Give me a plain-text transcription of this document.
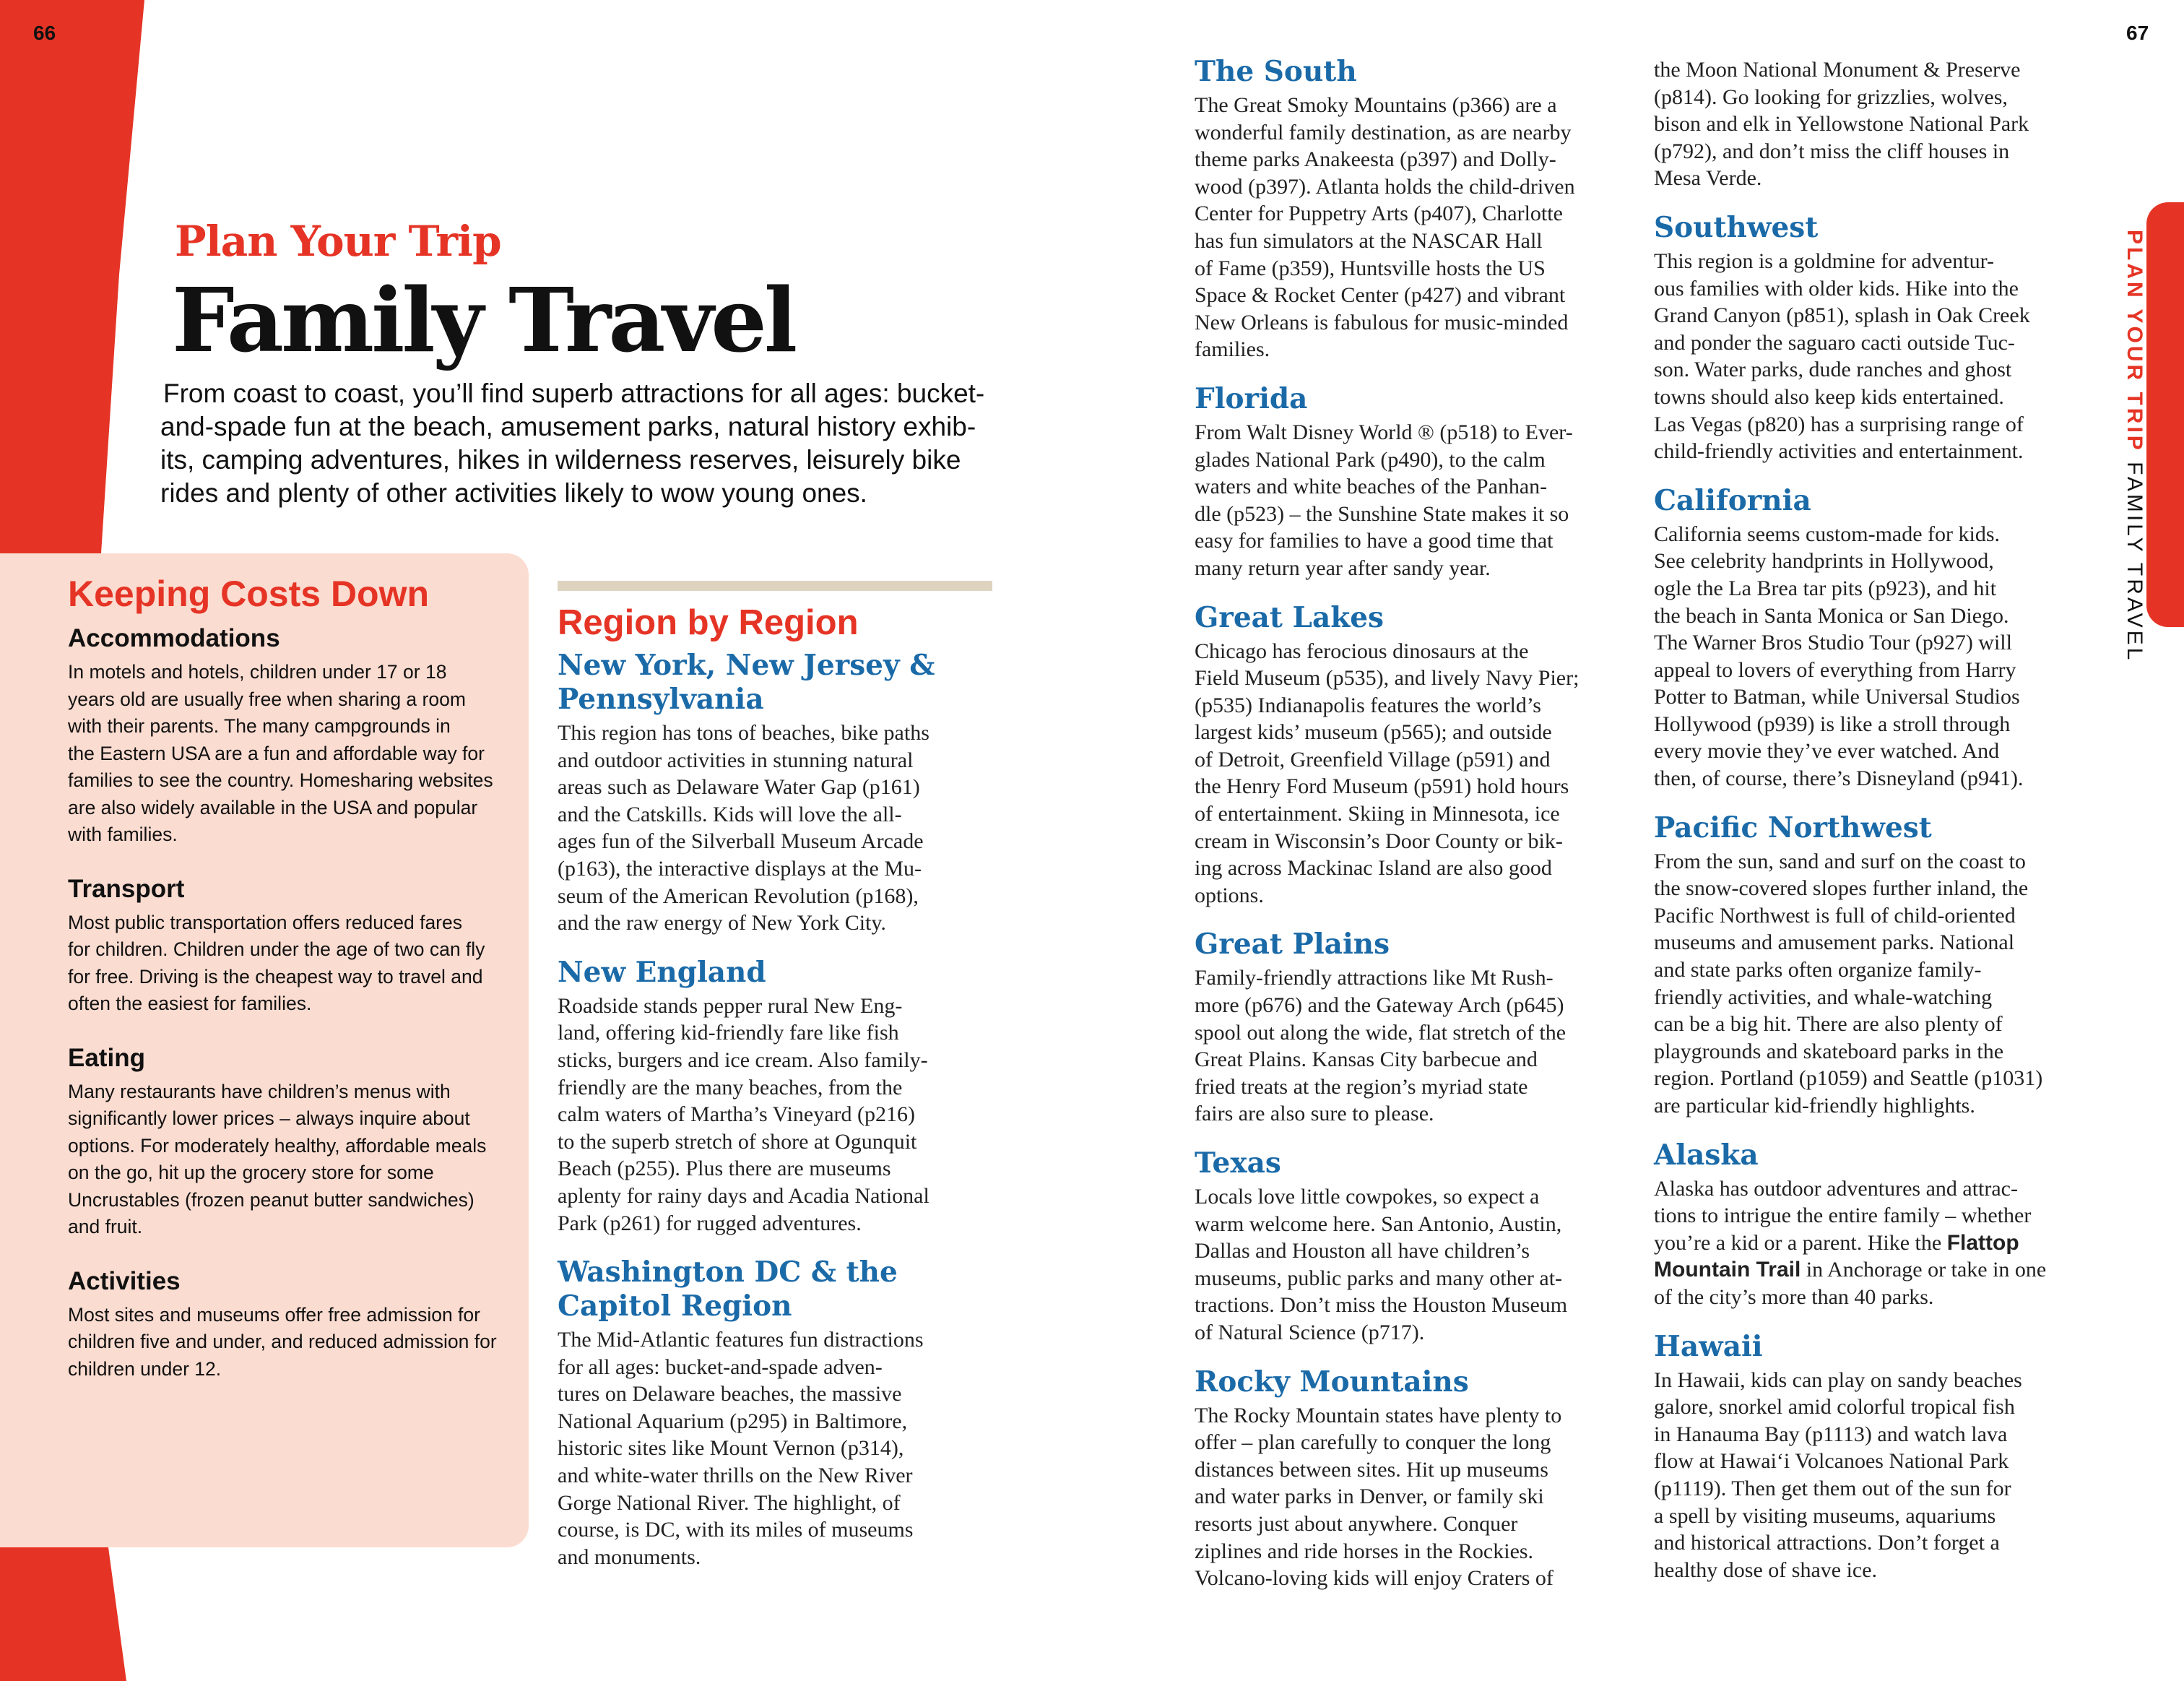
66	67
Plan Your Trip
Family Travel
From coast to coast, you’ll find superb attractions for all ages: bucket-
and-spade fun at the beach, amusement parks, natural history exhib-
its, camping adventures, hikes in wilderness reserves, leisurely bike
rides and plenty of other activities likely to wow young ones.
Keeping Costs Down
Accommodations
In motels and hotels, children under 17 or 18
years old are usually free when sharing a room
with their parents. The many campgrounds in
the Eastern USA are a fun and affordable way for
families to see the country. Homesharing websites
are also widely available in the USA and popular
with families.
Transport
Most public transportation offers reduced fares
for children. Children under the age of two can fly
for free. Driving is the cheapest way to travel and
often the easiest for families.
Eating
Many restaurants have children’s menus with
significantly lower prices – always inquire about
options. For moderately healthy, affordable meals
on the go, hit up the grocery store for some
Uncrustables (frozen peanut butter sandwiches)
and fruit.
Activities
Most sites and museums offer free admission for
children five and under, and reduced admission for
children under 12.
Region by Region
New York, New Jersey &
Pennsylvania
This region has tons of beaches, bike paths
and outdoor activities in stunning natural
areas such as Delaware Water Gap (p161)
and the Catskills. Kids will love the all-
ages fun of the Silverball Museum Arcade
(p163), the interactive displays at the Mu-
seum of the American Revolution (p168),
and the raw energy of New York City.
New England
Roadside stands pepper rural New Eng-
land, offering kid-friendly fare like fish
sticks, burgers and ice cream. Also family-
friendly are the many beaches, from the
calm waters of Martha’s Vineyard (p216)
to the superb stretch of shore at Ogunquit
Beach (p255). Plus there are museums
aplenty for rainy days and Acadia National
Park (p261) for rugged adventures.
Washington DC & the
Capitol Region
The Mid-Atlantic features fun distractions
for all ages: bucket-and-spade adven-
tures on Delaware beaches, the massive
National Aquarium (p295) in Baltimore,
historic sites like Mount Vernon (p314),
and white-water thrills on the New River
Gorge National River. The highlight, of
course, is DC, with its miles of museums
and monuments.
The South
The Great Smoky Mountains (p366) are a
wonderful family destination, as are nearby
theme parks Anakeesta (p397) and Dolly-
wood (p397). Atlanta holds the child-driven
Center for Puppetry Arts (p407), Charlotte
has fun simulators at the NASCAR Hall
of Fame (p359), Huntsville hosts the US
Space & Rocket Center (p427) and vibrant
New Orleans is fabulous for music-minded
families.
Florida
From Walt Disney World ® (p518) to Ever-
glades National Park (p490), to the calm
waters and white beaches of the Panhan-
dle (p523) – the Sunshine State makes it so
easy for families to have a good time that
many return year after sandy year.
Great Lakes
Chicago has ferocious dinosaurs at the
Field Museum (p535), and lively Navy Pier;
(p535) Indianapolis features the world’s
largest kids’ museum (p565); and outside
of Detroit, Greenfield Village (p591) and
the Henry Ford Museum (p591) hold hours
of entertainment. Skiing in Minnesota, ice
cream in Wisconsin’s Door County or bik-
ing across Mackinac Island are also good
options.
Great Plains
Family-friendly attractions like Mt Rush-
more (p676) and the Gateway Arch (p645)
spool out along the wide, flat stretch of the
Great Plains. Kansas City barbecue and
fried treats at the region’s myriad state
fairs are also sure to please.
Texas
Locals love little cowpokes, so expect a
warm welcome here. San Antonio, Austin,
Dallas and Houston all have children’s
museums, public parks and many other at-
tractions. Don’t miss the Houston Museum
of Natural Science (p717).
Rocky Mountains
The Rocky Mountain states have plenty to
offer – plan carefully to conquer the long
distances between sites. Hit up museums
and water parks in Denver, or family ski
resorts just about anywhere. Conquer
ziplines and ride horses in the Rockies.
Volcano-loving kids will enjoy Craters of
the Moon National Monument & Preserve
(p814). Go looking for grizzlies, wolves,
bison and elk in Yellowstone National Park
(p792), and don’t miss the cliff houses in
Mesa Verde.
Southwest
This region is a goldmine for adventur-
ous families with older kids. Hike into the
Grand Canyon (p851), splash in Oak Creek
and ponder the saguaro cacti outside Tuc-
son. Water parks, dude ranches and ghost
towns should also keep kids entertained.
Las Vegas (p820) has a surprising range of
child-friendly activities and entertainment.
California
California seems custom-made for kids.
See celebrity handprints in Hollywood,
ogle the La Brea tar pits (p923), and hit
the beach in Santa Monica or San Diego.
The Warner Bros Studio Tour (p927) will
appeal to lovers of everything from Harry
Potter to Batman, while Universal Studios
Hollywood (p939) is like a stroll through
every movie they’ve ever watched. And
then, of course, there’s Disneyland (p941).
Pacific Northwest
From the sun, sand and surf on the coast to
the snow-covered slopes further inland, the
Pacific Northwest is full of child-oriented
museums and amusement parks. National
and state parks often organize family-
friendly activities, and whale-watching
can be a big hit. There are also plenty of
playgrounds and skateboard parks in the
region. Portland (p1059) and Seattle (p1031)
are particular kid-friendly highlights.
Alaska
Alaska has outdoor adventures and attrac-
tions to intrigue the entire family – whether
you’re a kid or a parent. Hike the Flattop
Mountain Trail in Anchorage or take in one
of the city’s more than 40 parks.
Hawaii
In Hawaii, kids can play on sandy beaches
galore, snorkel amid colorful tropical fish
in Hanauma Bay (p1113) and watch lava
flow at Hawai‘i Volcanoes National Park
(p1119). Then get them out of the sun for
a spell by visiting museums, aquariums
and historical attractions. Don’t forget a
healthy dose of shave ice.
PLAN YOUR TRIP FAMILY TRAVEL
